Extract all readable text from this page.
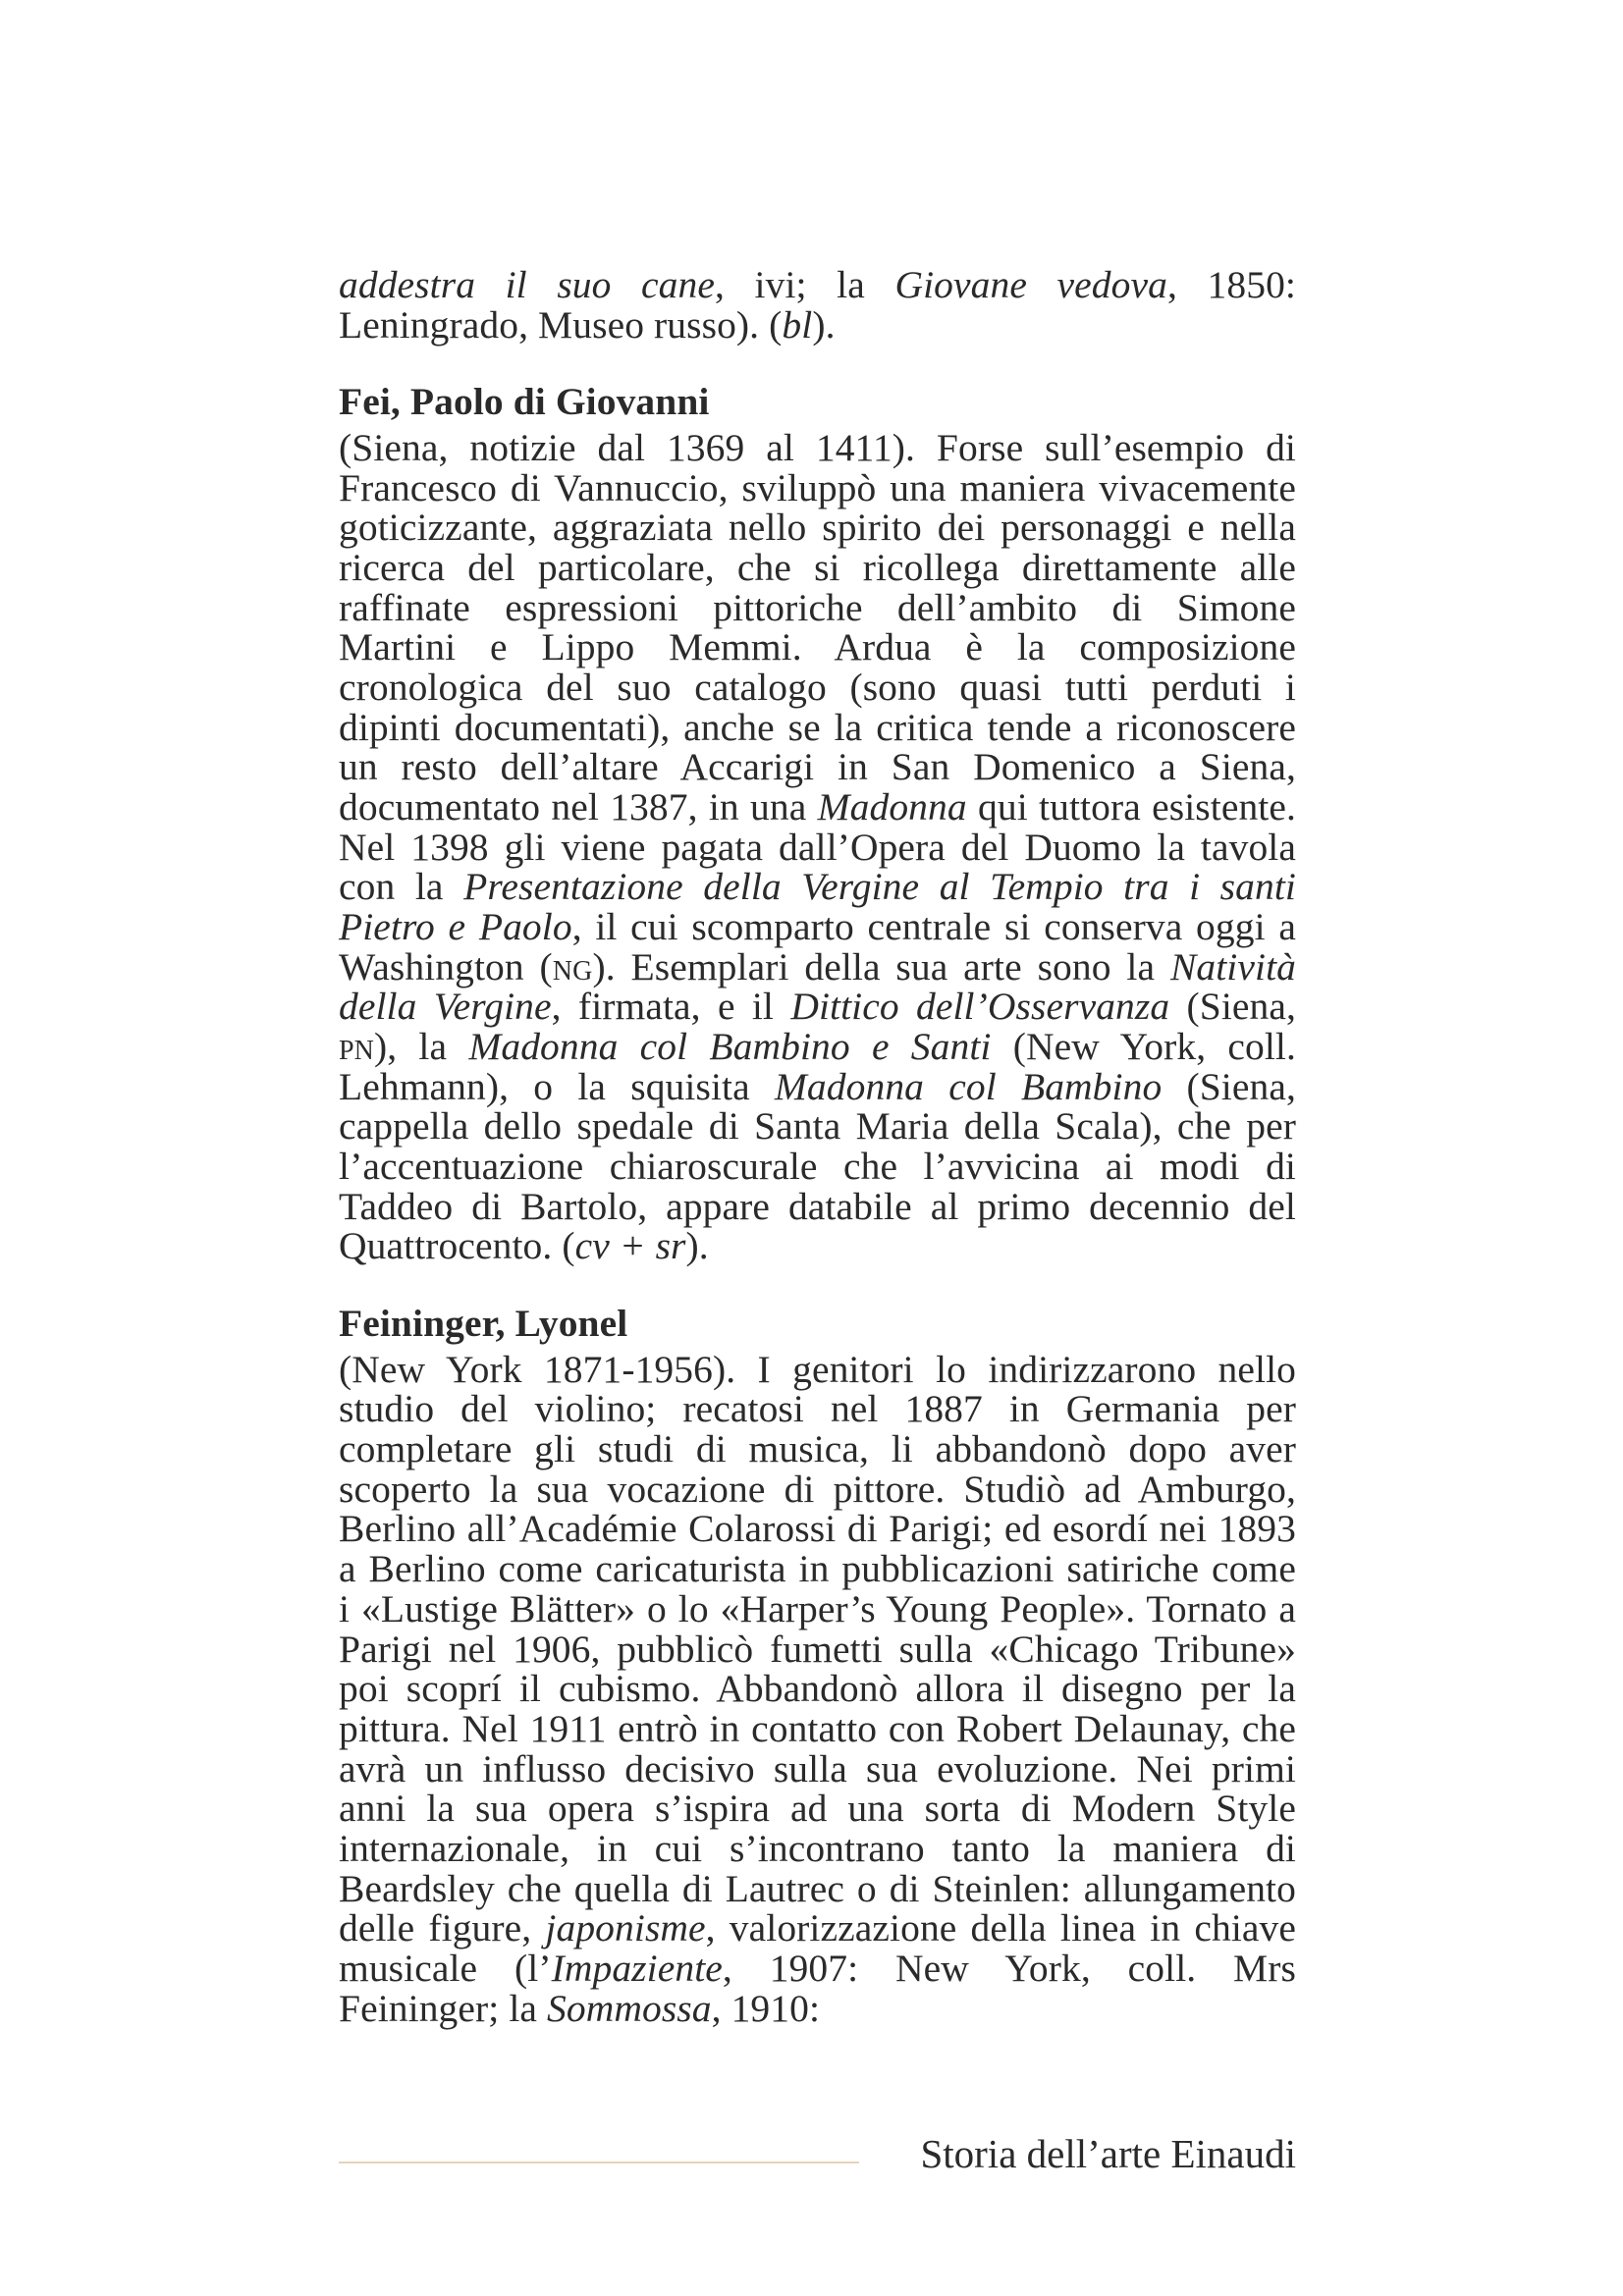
addestra il suo cane, ivi; la Giovane vedova, 1850: Leningrado, Museo russo). (bl).

Fei, Paolo di Giovanni

(Siena, notizie dal 1369 al 1411). Forse sull’esempio di Francesco di Vannuccio, sviluppò una maniera vivacemente goticizzante, aggraziata nello spirito dei personaggi e nella ricerca del particolare, che si ricollega direttamente alle raffinate espressioni pittoriche dell’ambito di Simone Martini e Lippo Memmi. Ardua è la composizione cronologica del suo catalogo (sono quasi tutti perduti i dipinti documentati), anche se la critica tende a riconoscere un resto dell’altare Accarigi in San Domenico a Siena, documentato nel 1387, in una Madonna qui tuttora esistente. Nel 1398 gli viene pagata dall’Opera del Duomo la tavola con la Presentazione della Vergine al Tempio tra i santi Pietro e Paolo, il cui scomparto centrale si conserva oggi a Washington (ng). Esemplari della sua arte sono la Natività della Vergine, firmata, e il Dittico dell’Osservanza (Siena, pn), la Madonna col Bambino e Santi (New York, coll. Lehmann), o la squisita Madonna col Bambino (Siena, cappella dello spedale di Santa Maria della Scala), che per l’accentuazione chiaroscurale che l’avvicina ai modi di Taddeo di Bartolo, appare databile al primo decennio del Quattrocento. (cv + sr).

Feininger, Lyonel

(New York 1871-1956). I genitori lo indirizzarono nello studio del violino; recatosi nel 1887 in Germania per completare gli studi di musica, li abbandonò dopo aver scoperto la sua vocazione di pittore. Studiò ad Amburgo, Berlino all’Académie Colarossi di Parigi; ed esordí nei 1893 a Berlino come caricaturista in pubblicazioni satiriche come i «Lustige Blätter» o lo «Harper’s Young People». Tornato a Parigi nel 1906, pubblicò fumetti sulla «Chicago Tribune» poi scoprí il cubismo. Abbandonò allora il disegno per la pittura. Nel 1911 entrò in contatto con Robert Delaunay, che avrà un influsso decisivo sulla sua evoluzione. Nei primi anni la sua opera s’ispira ad una sorta di Modern Style internazionale, in cui s’incontrano tanto la maniera di Beardsley che quella di Lautrec o di Steinlen: allungamento delle figure, japonisme, valorizzazione della linea in chiave musicale (l’Impaziente, 1907: New York, coll. Mrs Feininger; la Sommossa, 1910:

Storia dell’arte Einaudi
